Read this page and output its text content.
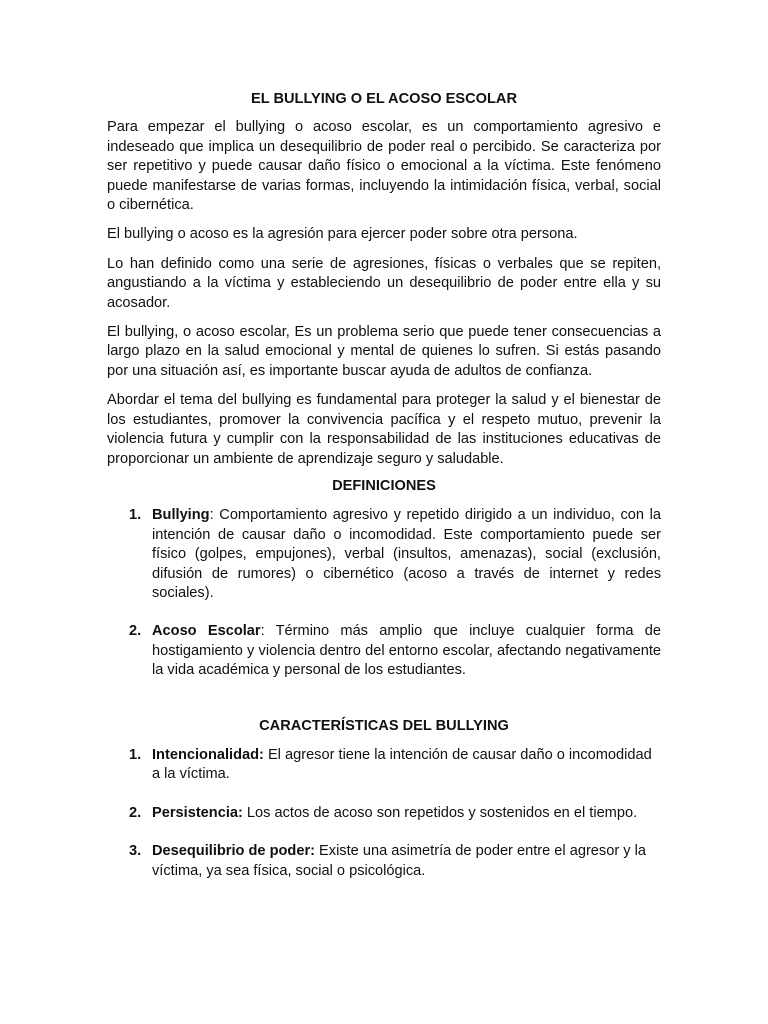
EL BULLYING O EL ACOSO ESCOLAR

Para empezar el bullying o acoso escolar, es un comportamiento agresivo e indeseado que implica un desequilibrio de poder real o percibido. Se caracteriza por ser repetitivo y puede causar daño físico o emocional a la víctima. Este fenómeno puede manifestarse de varias formas, incluyendo la intimidación física, verbal, social o cibernética.

El bullying o acoso es la agresión para ejercer poder sobre otra persona.

Lo han definido como una serie de agresiones, físicas o verbales que se repiten, angustiando a la víctima y estableciendo un desequilibrio de poder entre ella y su acosador.

El bullying, o acoso escolar, Es un problema serio que puede tener consecuencias a largo plazo en la salud emocional y mental de quienes lo sufren. Si estás pasando por una situación así, es importante buscar ayuda de adultos de confianza.

Abordar el tema del bullying es fundamental para proteger la salud y el bienestar de los estudiantes, promover la convivencia pacífica y el respeto mutuo, prevenir la violencia futura y cumplir con la responsabilidad de las instituciones educativas de proporcionar un ambiente de aprendizaje seguro y saludable.

DEFINICIONES
1. Bullying: Comportamiento agresivo y repetido dirigido a un individuo, con la intención de causar daño o incomodidad. Este comportamiento puede ser físico (golpes, empujones), verbal (insultos, amenazas), social (exclusión, difusión de rumores) o cibernético (acoso a través de internet y redes sociales).
2. Acoso Escolar: Término más amplio que incluye cualquier forma de hostigamiento y violencia dentro del entorno escolar, afectando negativamente la vida académica y personal de los estudiantes.
CARACTERÍSTICAS DEL BULLYING
1. Intencionalidad: El agresor tiene la intención de causar daño o incomodidad a la víctima.
2. Persistencia: Los actos de acoso son repetidos y sostenidos en el tiempo.
3. Desequilibrio de poder: Existe una asimetría de poder entre el agresor y la víctima, ya sea física, social o psicológica.
